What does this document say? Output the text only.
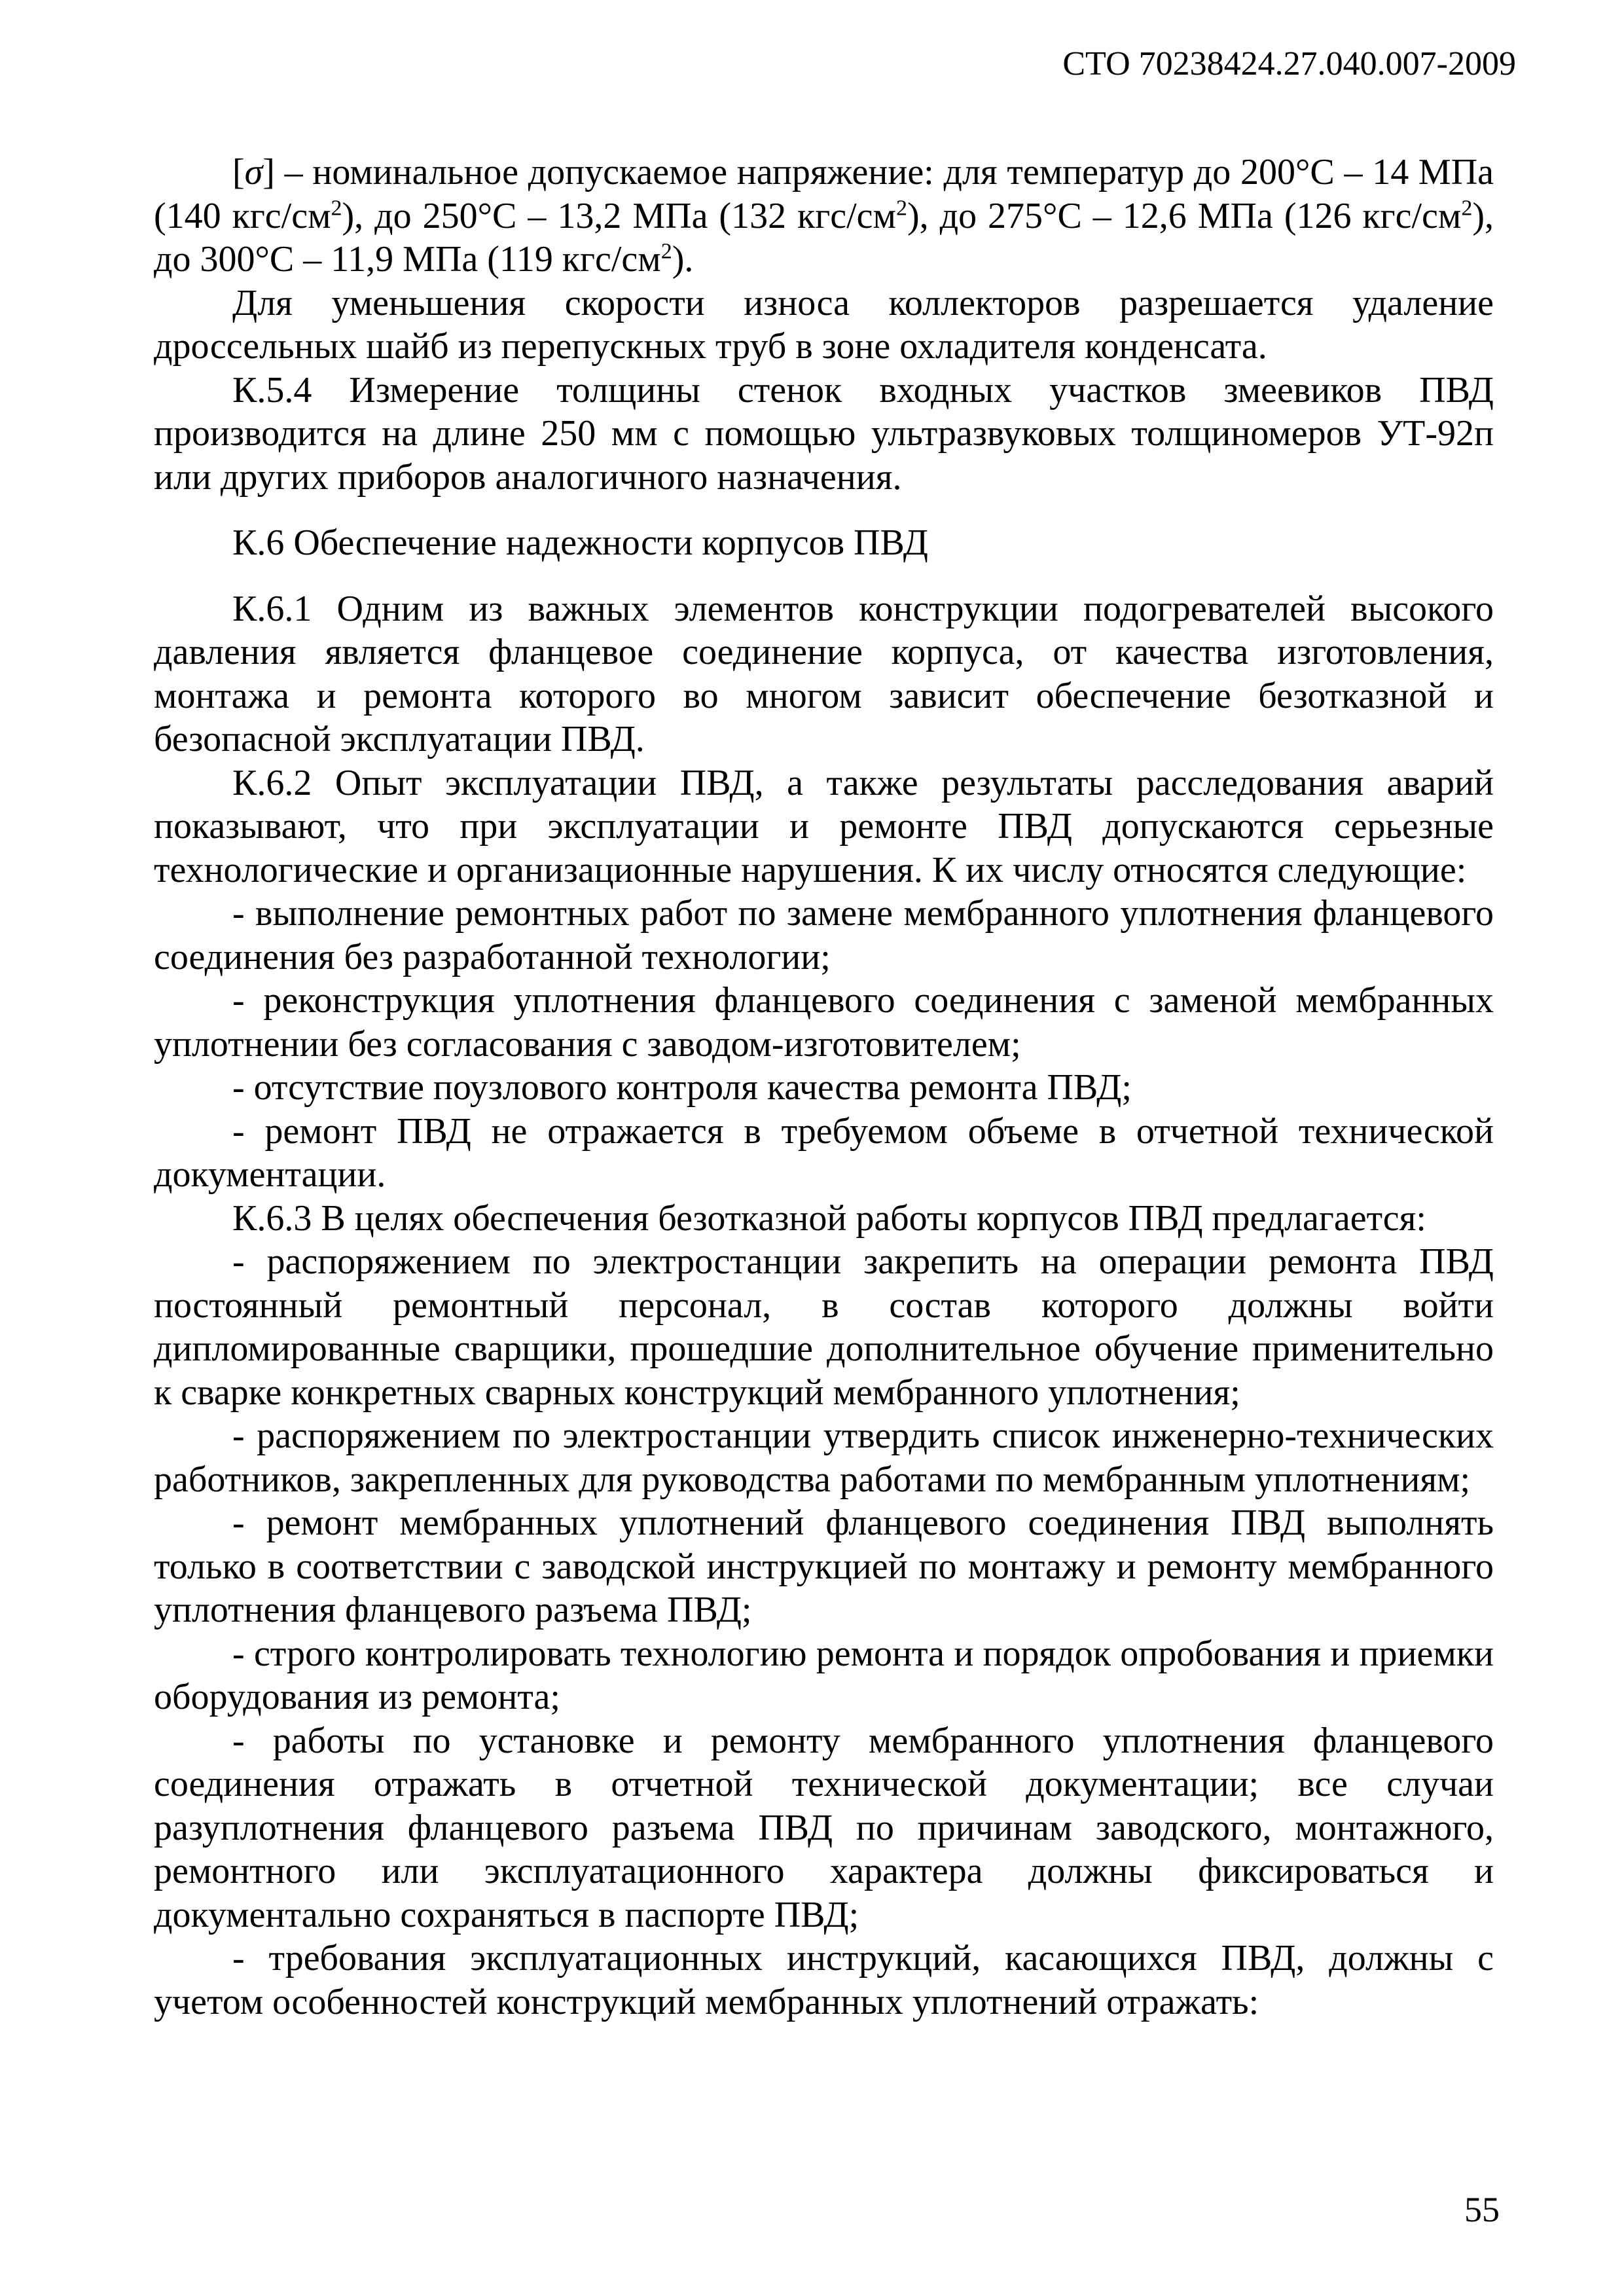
СТО 70238424.27.040.007-2009

[σ] – номинальное допускаемое напряжение: для температур до 200°С – 14 МПа (140 кгс/$см^2$), до 250°С – 13,2 МПа (132 кгс/$см^2$), до 275°С – 12,6 МПа (126 кгс/$см^2$), до 300°С – 11,9 МПа (119 кгс/$см^2$).

Для уменьшения скорости износа коллекторов разрешается удаление дроссельных шайб из перепускных труб в зоне охладителя конденсата.

К.5.4 Измерение толщины стенок входных участков змеевиков ПВД производится на длине 250 мм с помощью ультразвуковых толщиномеров УТ-92п или других приборов аналогичного назначения.

К.6 Обеспечение надежности корпусов ПВД

К.6.1 Одним из важных элементов конструкции подогревателей высокого давления является фланцевое соединение корпуса, от качества изготовления, монтажа и ремонта которого во многом зависит обеспечение безотказной и безопасной эксплуатации ПВД.

К.6.2 Опыт эксплуатации ПВД, а также результаты расследования аварий показывают, что при эксплуатации и ремонте ПВД допускаются серьезные технологические и организационные нарушения. К их числу относятся следующие:

- выполнение ремонтных работ по замене мембранного уплотнения фланцевого соединения без разработанной технологии;

- реконструкция уплотнения фланцевого соединения с заменой мембранных уплотнении без согласования с заводом-изготовителем;

- отсутствие поузлового контроля качества ремонта ПВД;

- ремонт ПВД не отражается в требуемом объеме в отчетной технической документации.

К.6.3 В целях обеспечения безотказной работы корпусов ПВД предлагается:

- распоряжением по электростанции закрепить на операции ремонта ПВД постоянный ремонтный персонал, в состав которого должны войти дипломированные сварщики, прошедшие дополнительное обучение применительно к сварке конкретных сварных конструкций мембранного уплотнения;

- распоряжением по электростанции утвердить список инженерно-технических работников, закрепленных для руководства работами по мембранным уплотнениям;

- ремонт мембранных уплотнений фланцевого соединения ПВД выполнять только в соответствии с заводской инструкцией по монтажу и ремонту мембранного уплотнения фланцевого разъема ПВД;

- строго контролировать технологию ремонта и порядок опробования и приемки оборудования из ремонта;

- работы по установке и ремонту мембранного уплотнения фланцевого соединения отражать в отчетной технической документации; все случаи разуплотнения фланцевого разъема ПВД по причинам заводского, монтажного, ремонтного или эксплуатационного характера должны фиксироваться и документально сохраняться в паспорте ПВД;

- требования эксплуатационных инструкций, касающихся ПВД, должны с учетом особенностей конструкций мембранных уплотнений отражать:

55
